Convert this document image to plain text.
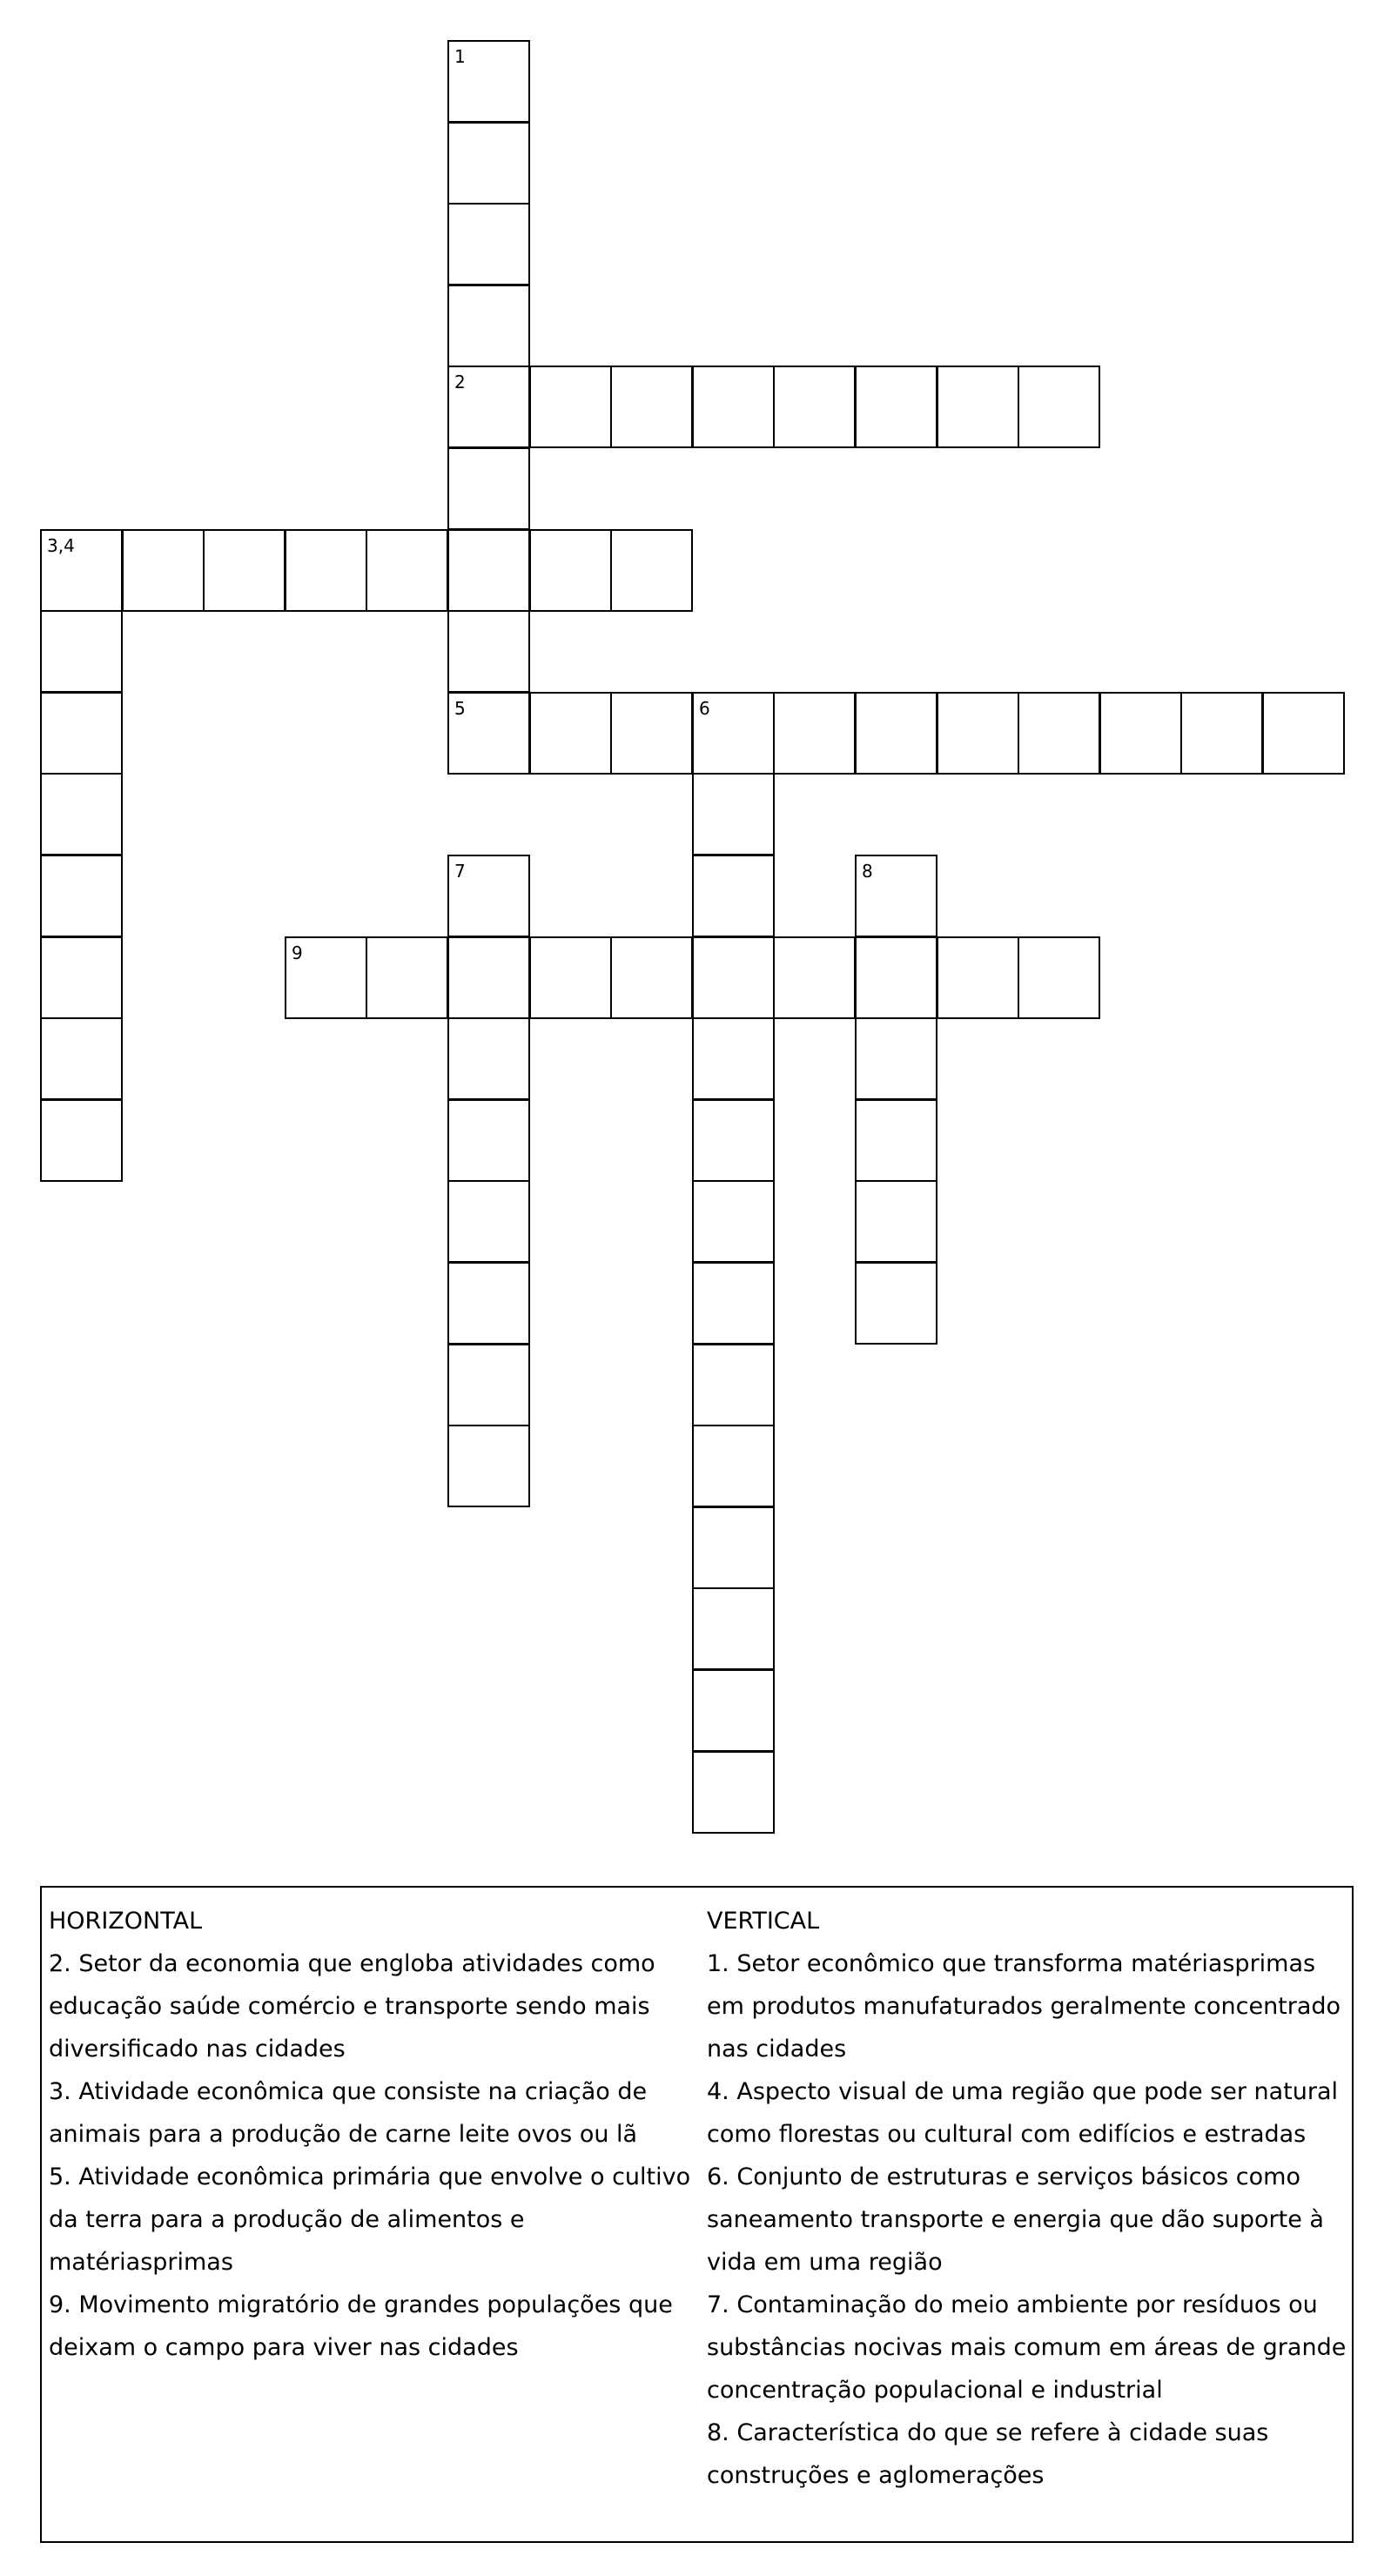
1
2
3,4
5	6
7	8
9
HORIZONTAL
2. Setor da economia que engloba atividades como educação saúde comércio e transporte sendo mais diversificado nas cidades
3. Atividade econômica que consiste na criação de animais para a produção de carne leite ovos ou lã
5. Atividade econômica primária que envolve o cultivo da terra para a produção de alimentos e matériasprimas
9. Movimento migratório de grandes populações que deixam o campo para viver nas cidades
VERTICAL
1. Setor econômico que transforma matériasprimas em produtos manufaturados geralmente concentrado nas cidades
4. Aspecto visual de uma região que pode ser natural como florestas ou cultural com edifícios e estradas
6. Conjunto de estruturas e serviços básicos como saneamento transporte e energia que dão suporte à vida em uma região
7. Contaminação do meio ambiente por resíduos ou substâncias nocivas mais comum em áreas de grande concentração populacional e industrial
8. Característica do que se refere à cidade suas construções e aglomerações
